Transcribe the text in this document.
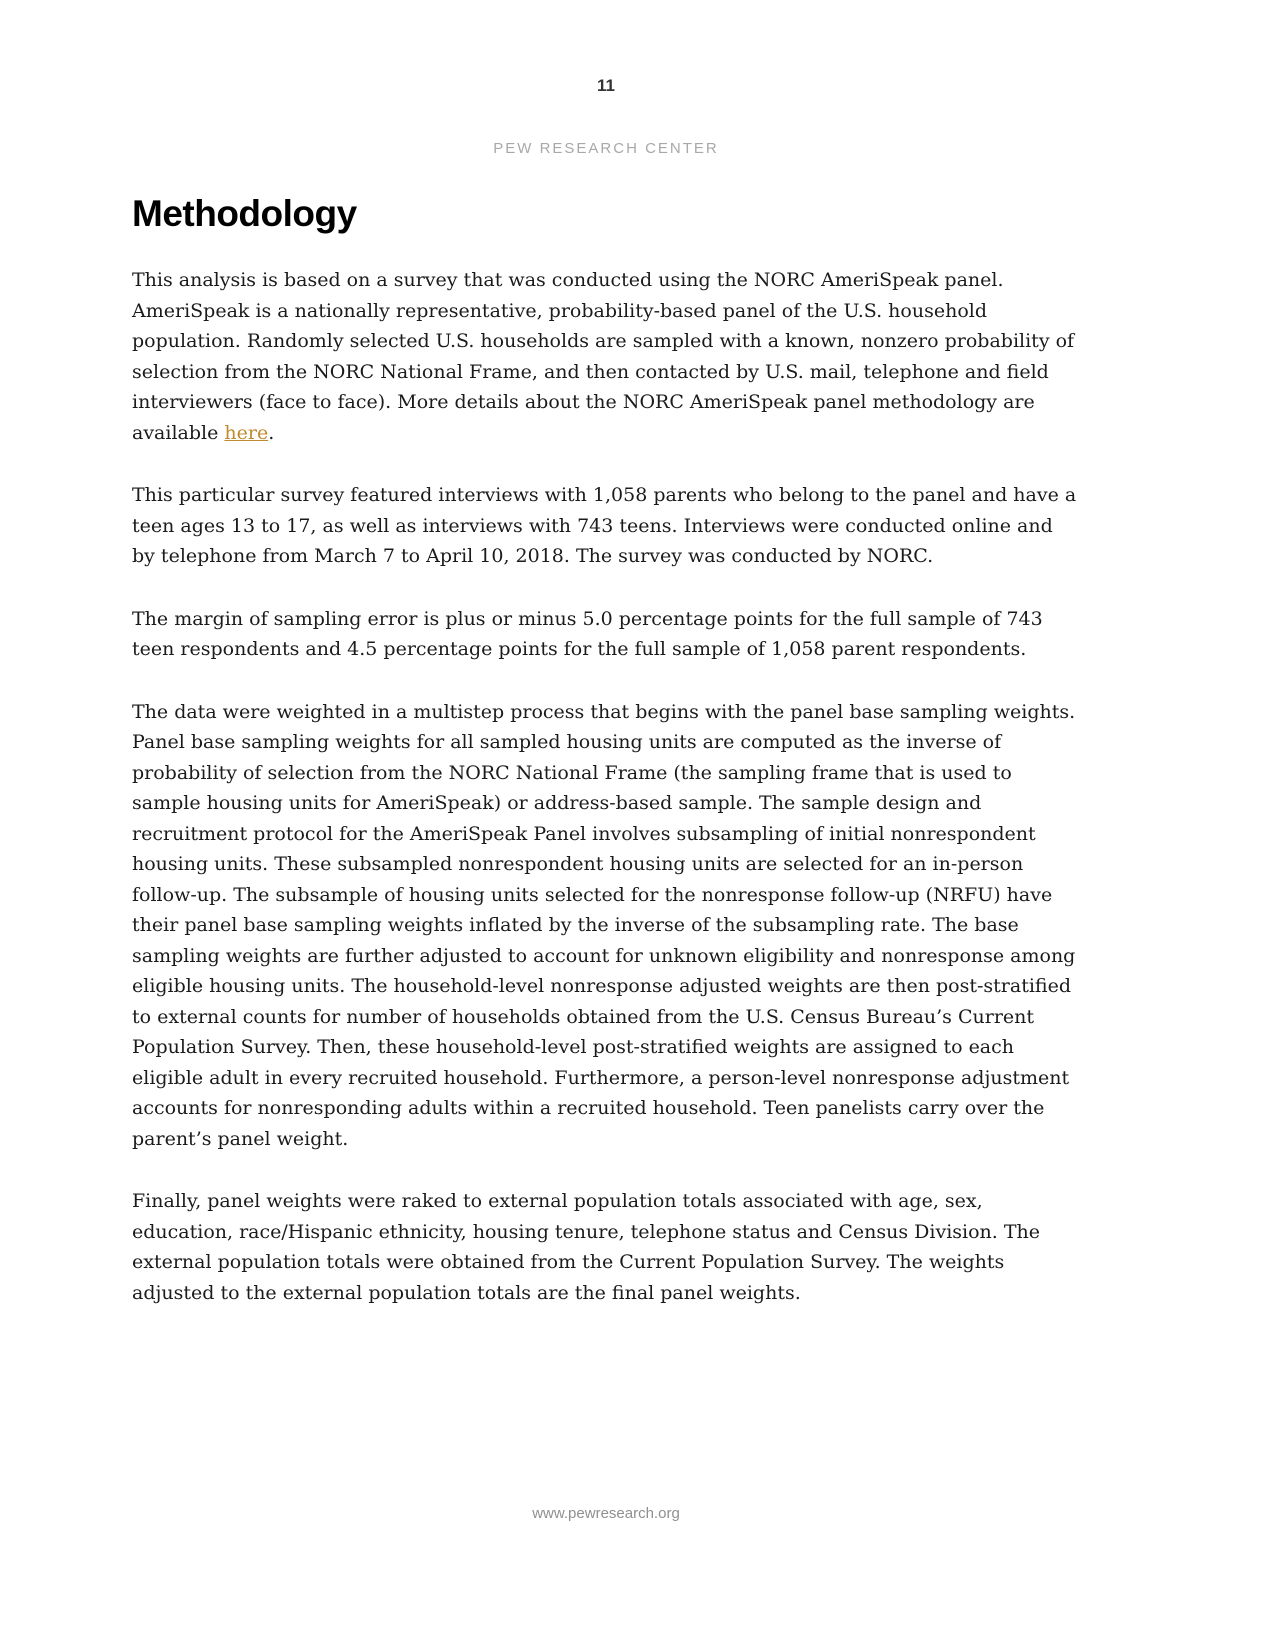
11
PEW RESEARCH CENTER
Methodology

This analysis is based on a survey that was conducted using the NORC AmeriSpeak panel. AmeriSpeak is a nationally representative, probability-based panel of the U.S. household population. Randomly selected U.S. households are sampled with a known, nonzero probability of selection from the NORC National Frame, and then contacted by U.S. mail, telephone and field interviewers (face to face). More details about the NORC AmeriSpeak panel methodology are available here.

This particular survey featured interviews with 1,058 parents who belong to the panel and have a teen ages 13 to 17, as well as interviews with 743 teens. Interviews were conducted online and by telephone from March 7 to April 10, 2018. The survey was conducted by NORC.

The margin of sampling error is plus or minus 5.0 percentage points for the full sample of 743 teen respondents and 4.5 percentage points for the full sample of 1,058 parent respondents.

The data were weighted in a multistep process that begins with the panel base sampling weights. Panel base sampling weights for all sampled housing units are computed as the inverse of probability of selection from the NORC National Frame (the sampling frame that is used to sample housing units for AmeriSpeak) or address-based sample. The sample design and recruitment protocol for the AmeriSpeak Panel involves subsampling of initial nonrespondent housing units. These subsampled nonrespondent housing units are selected for an in-person follow-up. The subsample of housing units selected for the nonresponse follow-up (NRFU) have their panel base sampling weights inflated by the inverse of the subsampling rate. The base sampling weights are further adjusted to account for unknown eligibility and nonresponse among eligible housing units. The household-level nonresponse adjusted weights are then post-stratified to external counts for number of households obtained from the U.S. Census Bureau’s Current Population Survey. Then, these household-level post-stratified weights are assigned to each eligible adult in every recruited household. Furthermore, a person-level nonresponse adjustment accounts for nonresponding adults within a recruited household. Teen panelists carry over the parent’s panel weight.

Finally, panel weights were raked to external population totals associated with age, sex, education, race/Hispanic ethnicity, housing tenure, telephone status and Census Division. The external population totals were obtained from the Current Population Survey. The weights adjusted to the external population totals are the final panel weights.

www.pewresearch.org
